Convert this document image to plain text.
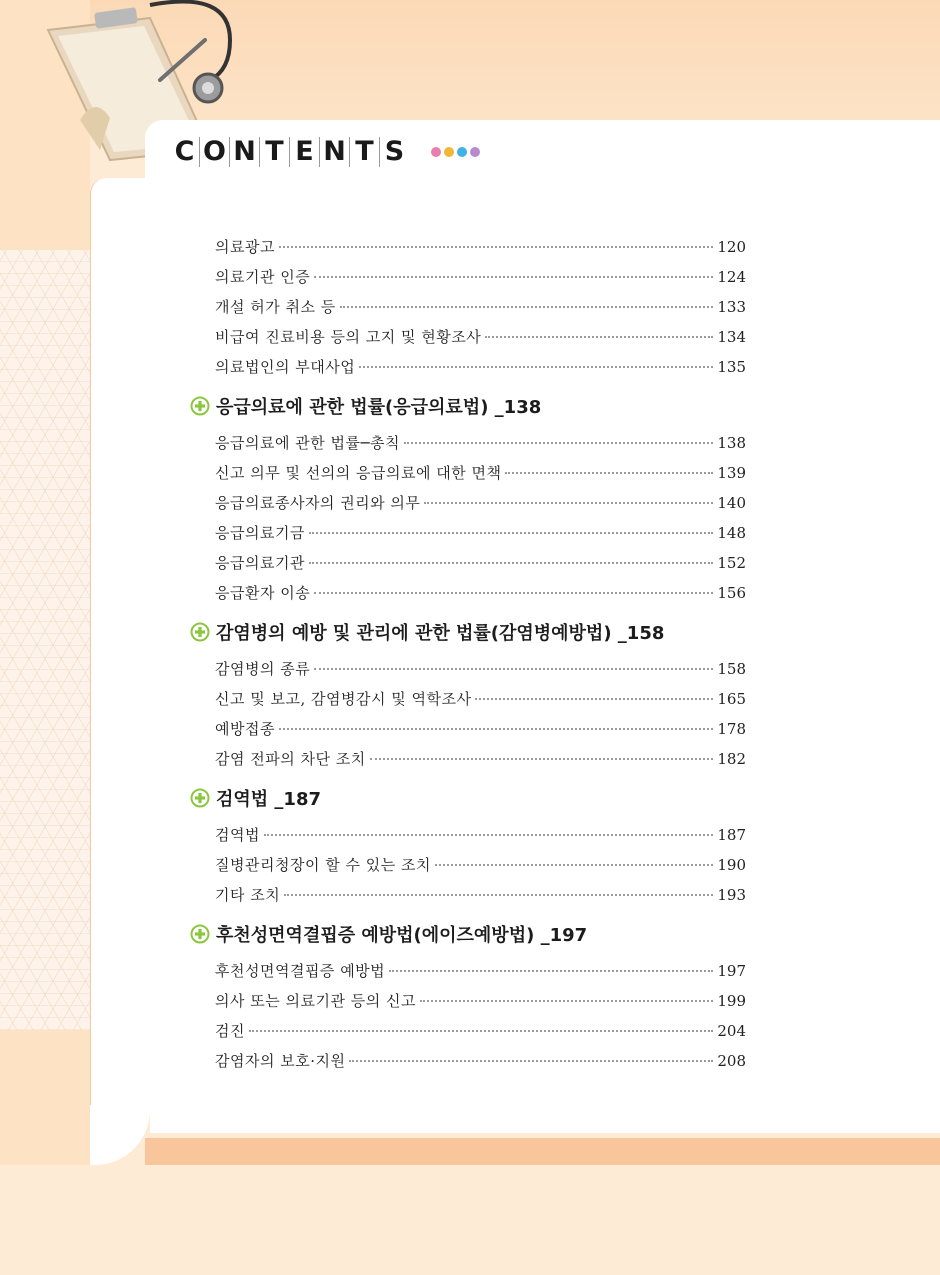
C O N T E N T S
의료광고	120
의료기관 인증	124
개설 허가 취소 등	133
비급여 진료비용 등의 고지 및 현황조사	134
의료법인의 부대사업	135
응급의료에 관한 법률(응급의료법) _138
응급의료에 관한 법률─총칙	138
신고 의무 및 선의의 응급의료에 대한 면책	139
응급의료종사자의 권리와 의무	140
응급의료기금	148
응급의료기관	152
응급환자 이송	156
감염병의 예방 및 관리에 관한 법률(감염병예방법) _158
감염병의 종류	158
신고 및 보고, 감염병감시 및 역학조사	165
예방접종	178
감염 전파의 차단 조치	182
검역법 _187
검역법	187
질병관리청장이 할 수 있는 조치	190
기타 조치	193
후천성면역결핍증 예방법(에이즈예방법) _197
후천성면역결핍증 예방법	197
의사 또는 의료기관 등의 신고	199
검진	204
감염자의 보호·지원	208
